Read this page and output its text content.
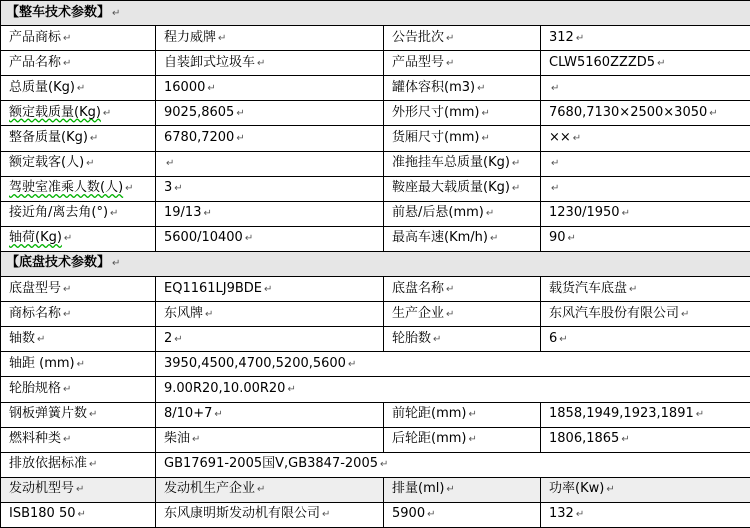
【整车技术参数】 ↵			
产品商标 ↵	程力威牌 ↵	公告批次 ↵	312 ↵
产品名称 ↵	自装卸式垃圾车 ↵	产品型号 ↵	CLW5160ZZZD5 ↵
总质量(Kg) ↵	16000 ↵	罐体容积(m3) ↵	↵
额定载质量(Kg) ↵	9025,8605 ↵	外形尺寸(mm) ↵	7680,7130×2500×3050 ↵
整备质量(Kg) ↵	6780,7200 ↵	货厢尺寸(mm) ↵	×× ↵
额定载客(人) ↵	↵	准拖挂车总质量(Kg) ↵	↵
驾驶室准乘人数(人) ↵	3 ↵	鞍座最大载质量(Kg) ↵	↵
接近角/离去角(°) ↵	19/13 ↵	前悬/后悬(mm) ↵	1230/1950 ↵
轴荷(Kg) ↵	5600/10400 ↵	最高车速(Km/h) ↵	90 ↵
【底盘技术参数】 ↵			
底盘型号 ↵	EQ1161LJ9BDE ↵	底盘名称 ↵	载货汽车底盘 ↵
商标名称 ↵	东风牌 ↵	生产企业 ↵	东风汽车股份有限公司 ↵
轴数 ↵	2 ↵	轮胎数 ↵	6 ↵
轴距 (mm) ↵	3950,4500,4700,5200,5600 ↵		
轮胎规格 ↵	9.00R20,10.00R20 ↵		
钢板弹簧片数 ↵	8/10+7 ↵	前轮距(mm) ↵	1858,1949,1923,1891 ↵
燃料种类 ↵	柴油 ↵	后轮距(mm) ↵	1806,1865 ↵
排放依据标准 ↵	GB17691-2005国V,GB3847-2005 ↵		
发动机型号 ↵	发动机生产企业 ↵	排量(ml) ↵	功率(Kw) ↵
ISB180 50 ↵	东风康明斯发动机有限公司 ↵	5900 ↵	132 ↵
